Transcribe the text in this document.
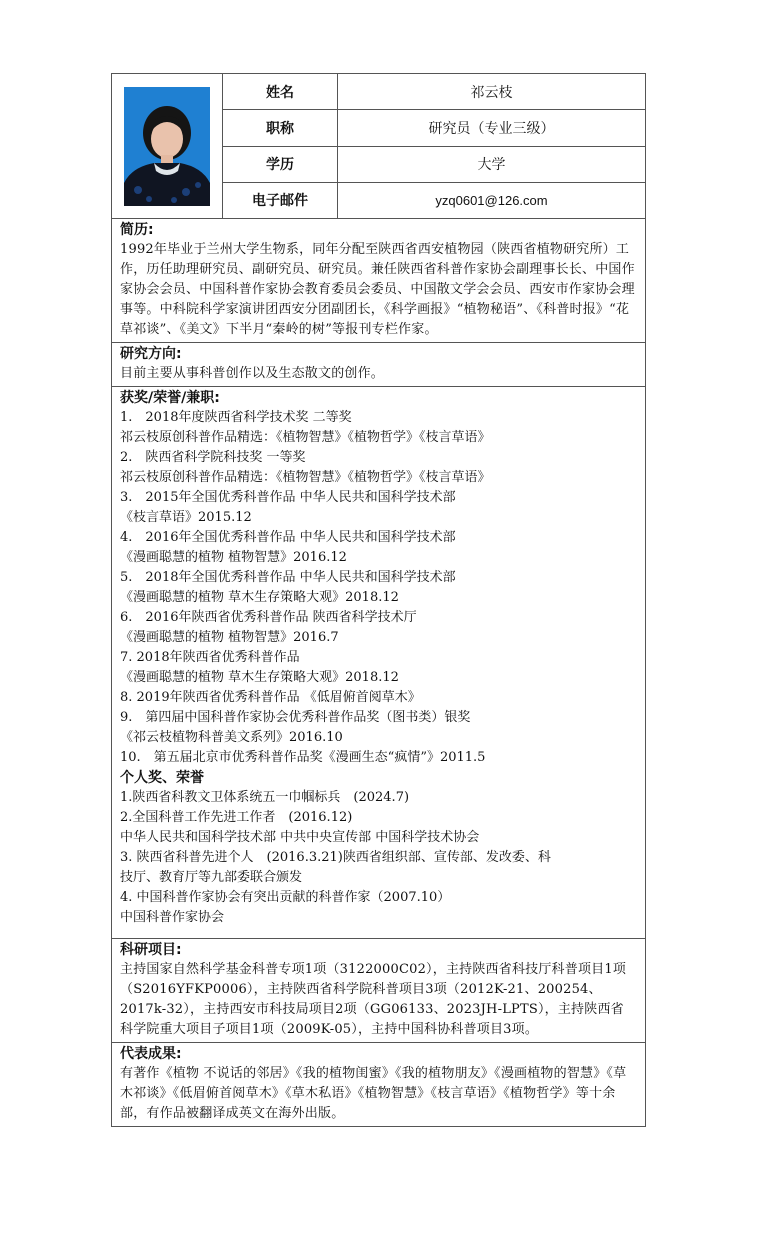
姓名	祁云枝
职称	研究员（专业三级）
学历	大学
电子邮件	yzq0601@126.com
简历:
1992年毕业于兰州大学生物系，同年分配至陕西省西安植物园（陕西省植物研究所）工作，历任助理研究员、副研究员、研究员。兼任陕西省科普作家协会副理事长长、中国作家协会会员、中国科普作家协会教育委员会委员、中国散文学会会员、西安市作家协会理事等。中科院科学家演讲团西安分团副团长，《科学画报》“植物秘语”、《科普时报》“花草祁谈”、《美文》下半月“秦岭的树”等报刊专栏作家。
研究方向:
目前主要从事科普创作以及生态散文的创作。
获奖/荣誉/兼职:
1.　2018年度陕西省科学技术奖 二等奖
祁云枝原创科普作品精选：《植物智慧》《植物哲学》《枝言草语》
2.　陕西省科学院科技奖 一等奖
祁云枝原创科普作品精选：《植物智慧》《植物哲学》《枝言草语》
3.　2015年全国优秀科普作品 中华人民共和国科学技术部
《枝言草语》2015.12
4.　2016年全国优秀科普作品 中华人民共和国科学技术部
《漫画聪慧的植物 植物智慧》2016.12
5.　2018年全国优秀科普作品 中华人民共和国科学技术部
《漫画聪慧的植物 草木生存策略大观》2018.12
6.　2016年陕西省优秀科普作品 陕西省科学技术厅
《漫画聪慧的植物 植物智慧》2016.7
7. 2018年陕西省优秀科普作品
《漫画聪慧的植物 草木生存策略大观》2018.12
8. 2019年陕西省优秀科普作品 《低眉俯首阅草木》
9.　第四届中国科普作家协会优秀科普作品奖（图书类）银奖
《祁云枝植物科普美文系列》2016.10
10.　第五届北京市优秀科普作品奖《漫画生态“疯情”》2011.5
个人奖、荣誉
1.陕西省科教文卫体系统五一巾帼标兵　(2024.7)
2.全国科普工作先进工作者　(2016.12)
中华人民共和国科学技术部 中共中央宣传部 中国科学技术协会
3. 陕西省科普先进个人　(2016.3.21)陕西省组织部、宣传部、发改委、科
技厅、教育厅等九部委联合颁发
4. 中国科普作家协会有突出贡献的科普作家（2007.10）
中国科普作家协会
科研项目:
主持国家自然科学基金科普专项1项（3122000C02），主持陕西省科技厅科普项目1项（S2016YFKP0006），主持陕西省科学院科普项目3项（2012K-21、200254、2017k-32），主持西安市科技局项目2项（GG06133、2023JH-LPTS），主持陕西省科学院重大项目子项目1项（2009K-05），主持中国科协科普项目3项。
代表成果:
有著作《植物 不说话的邻居》《我的植物闺蜜》《我的植物朋友》《漫画植物的智慧》《草木祁谈》《低眉俯首阅草木》《草木私语》《植物智慧》《枝言草语》《植物哲学》等十余部，有作品被翻译成英文在海外出版。
